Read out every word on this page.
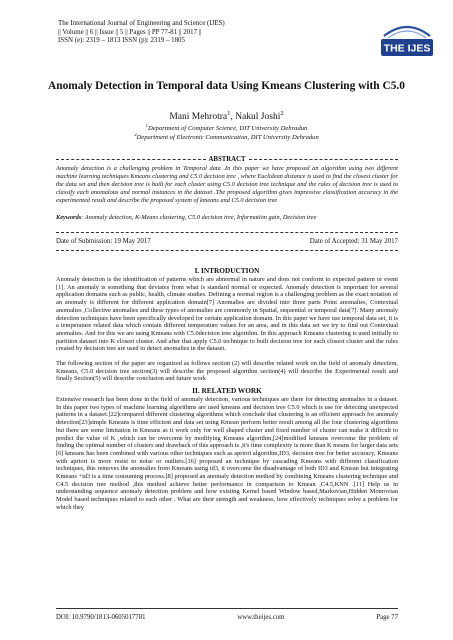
The International Journal of Engineering and Science (IJES)
|| Volume || 6 || Issue || 5 || Pages || PP 77-81 || 2017 ||
ISSN (e): 2319 – 1813 ISSN (p): 2319 – 1805
THE IJES
Anomaly Detection in Temporal data Using Kmeans Clustering with C5.0
Mani Mehrotra$^1$, Nakul Joshi$^2$
$^1$Department of Computer Science, DIT University Dehradun
$^2$Department of Electronic Communication, DIT University Dehradun
ABSTRACT
Anomaly detection is a challenging problem in Temporal data .In this paper we have proposed an algorithm using two different machine learning techniques Kmeans clustering and C5.0 decision tree , where Euclidean distance is used to find the closest cluster for the data set and then decision tree is built for each cluster using C5.0 decision tree technique and the rules of decision tree is used to classify each anomalous and normal instances in the dataset .The proposed algorithm gives impressive classification accuracy in the experimented result and describe the proposed system of kmeans and C5.0 decision tree
Keywords: Anomaly detection, K-Means clustering, C5.0 decision tree, Information gain, Decision tree
Date of Submission: 19 May 2017	Date of Accepted: 31 May 2017
I. INTRODUCTION
Anomaly detection is the identification of patterns which are abnormal in nature and does not conform to expected pattern or event [1]. An anomaly is something that deviates from what is standard normal or expected. Anomaly detection is important for several application domains such as public, health, climate studies. Defining a normal region is a challenging problem as the exact notation of an anomaly is different for different application domain[7] Anomalies are divided into three parts Point anomalies, Contextual anomalies ,Collective anomalies and these types of anomalies are commonly in Spatial, sequential or temporal data[7]. Many anomaly detection techniques have been specifically developed for certain application domain. In this paper we have use temporal data set, it is a temperature related data which contain different temperature values for an area, and in this data set we try to find out Contextual anomalies. And for this we are using Kmeans with C5.0decision tree algorithm. In this approach Kmeans clustering is used initially to partition dataset into K closest cluster. And after that apply C5.0 technique to built decision tree for each closest cluster and the rules created by decision tree are used to detect anomalies in the dataset.
The following section of the paper are organized as follows section (2) will describe related work on the field of anomaly detection, Kmeans, C5.0 decision tree section(3) will describe the proposed algorithm section(4) will describe the Experimental result and finally Section(5) will describe conclusion and future work
II. RELATED WORK
Extensive research has been done in the field of anomaly detection, various techniques are there for detecting anomalies in a dataset. In this paper two types of machine learning algorithms are used kmeans and decision tree C5.0 which is use for detecting unexpected patterns in a dataset.[22]compared different clustering algorithms which conclude that clustering is an efficient approach for anomaly detection[23]simple Kmeans is time efficient and data set using Kmean perform better result among all the four clustering algorithms but there are some limitation in Kmeans as it work only for well shaped cluster and fixed number of cluster can make it difficult to predict the value of K ,which can be overcome by modifying Kmeans algorithm,[24]modified kmeans overcome the problem of finding the optimal number of clusters and drawback of this approach is ,it's time complexity is more than K means for larger data sets [6] kmeans has been combined with various other techniques such as apriori algorithm,ID3, decision tree for better accuracy, Kmeans with apriori is more resist to noise or outliers.[16] proposed an technique by cascading Kmeans with different classification techniques, this removes the anomalies from Kmeans using id3, it overcome the disadvantage of both ID3 and Kmean but integrating Kmeans +id3 is a time consuming process.[8] proposed an anomaly detection method by combining Kmeans clustering technique and C4.5 decision tree method ,this method achieve better performance in comparison to Kmean ,C4.5,KNN .[11] Help us in understanding sequence anomaly detection problem and how existing Kernel based Window based,Markovian,Hidden Monrovian Model based techniques related to each other . What are their strength and weakness, how effectively techniques solve a problem for which they
DOI: 10.9790/1813-0605017781	www.theijes.com	Page 77
